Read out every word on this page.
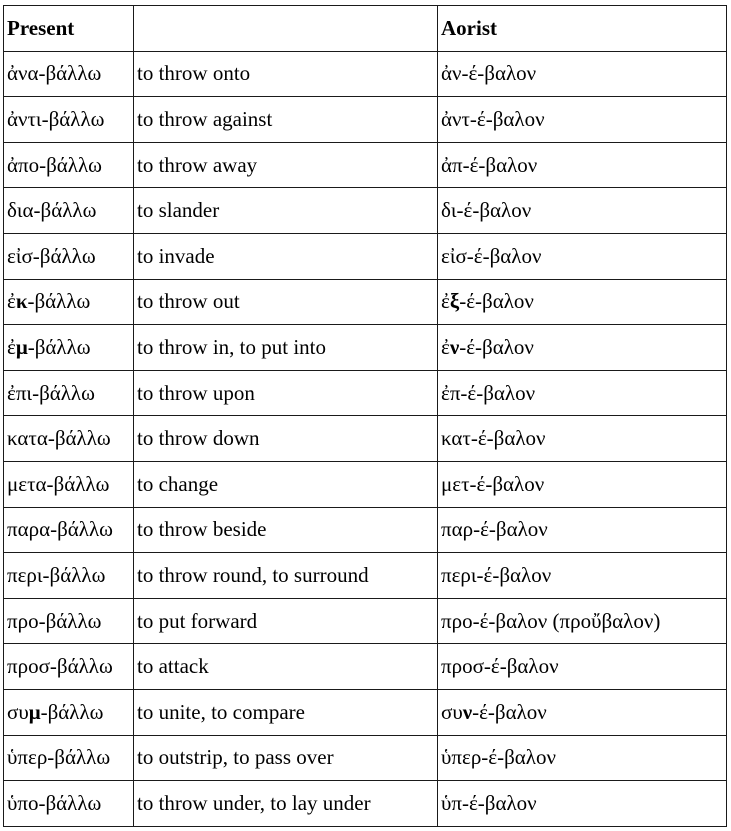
Present		Aorist
ἀνα-βάλλω	to throw onto	ἀν-έ-βαλον
ἀντι-βάλλω	to throw against	ἀντ-έ-βαλον
ἀπο-βάλλω	to throw away	ἀπ-έ-βαλον
δια-βάλλω	to slander	δι-έ-βαλον
εἰσ-βάλλω	to invade	εἰσ-έ-βαλον
ἐκ-βάλλω	to throw out	ἐξ-έ-βαλον
ἐμ-βάλλω	to throw in, to put into	ἐν-έ-βαλον
ἐπι-βάλλω	to throw upon	ἐπ-έ-βαλον
κατα-βάλλω	to throw down	κατ-έ-βαλον
μετα-βάλλω	to change	μετ-έ-βαλον
παρα-βάλλω	to throw beside	παρ-έ-βαλον
περι-βάλλω	to throw round, to surround	περι-έ-βαλον
προ-βάλλω	to put forward	προ-έ-βαλον (προὔβαλον)
προσ-βάλλω	to attack	προσ-έ-βαλον
συμ-βάλλω	to unite, to compare	συν-έ-βαλον
ὑπερ-βάλλω	to outstrip, to pass over	ὑπερ-έ-βαλον
ὑπο-βάλλω	to throw under, to lay under	ὑπ-έ-βαλον
